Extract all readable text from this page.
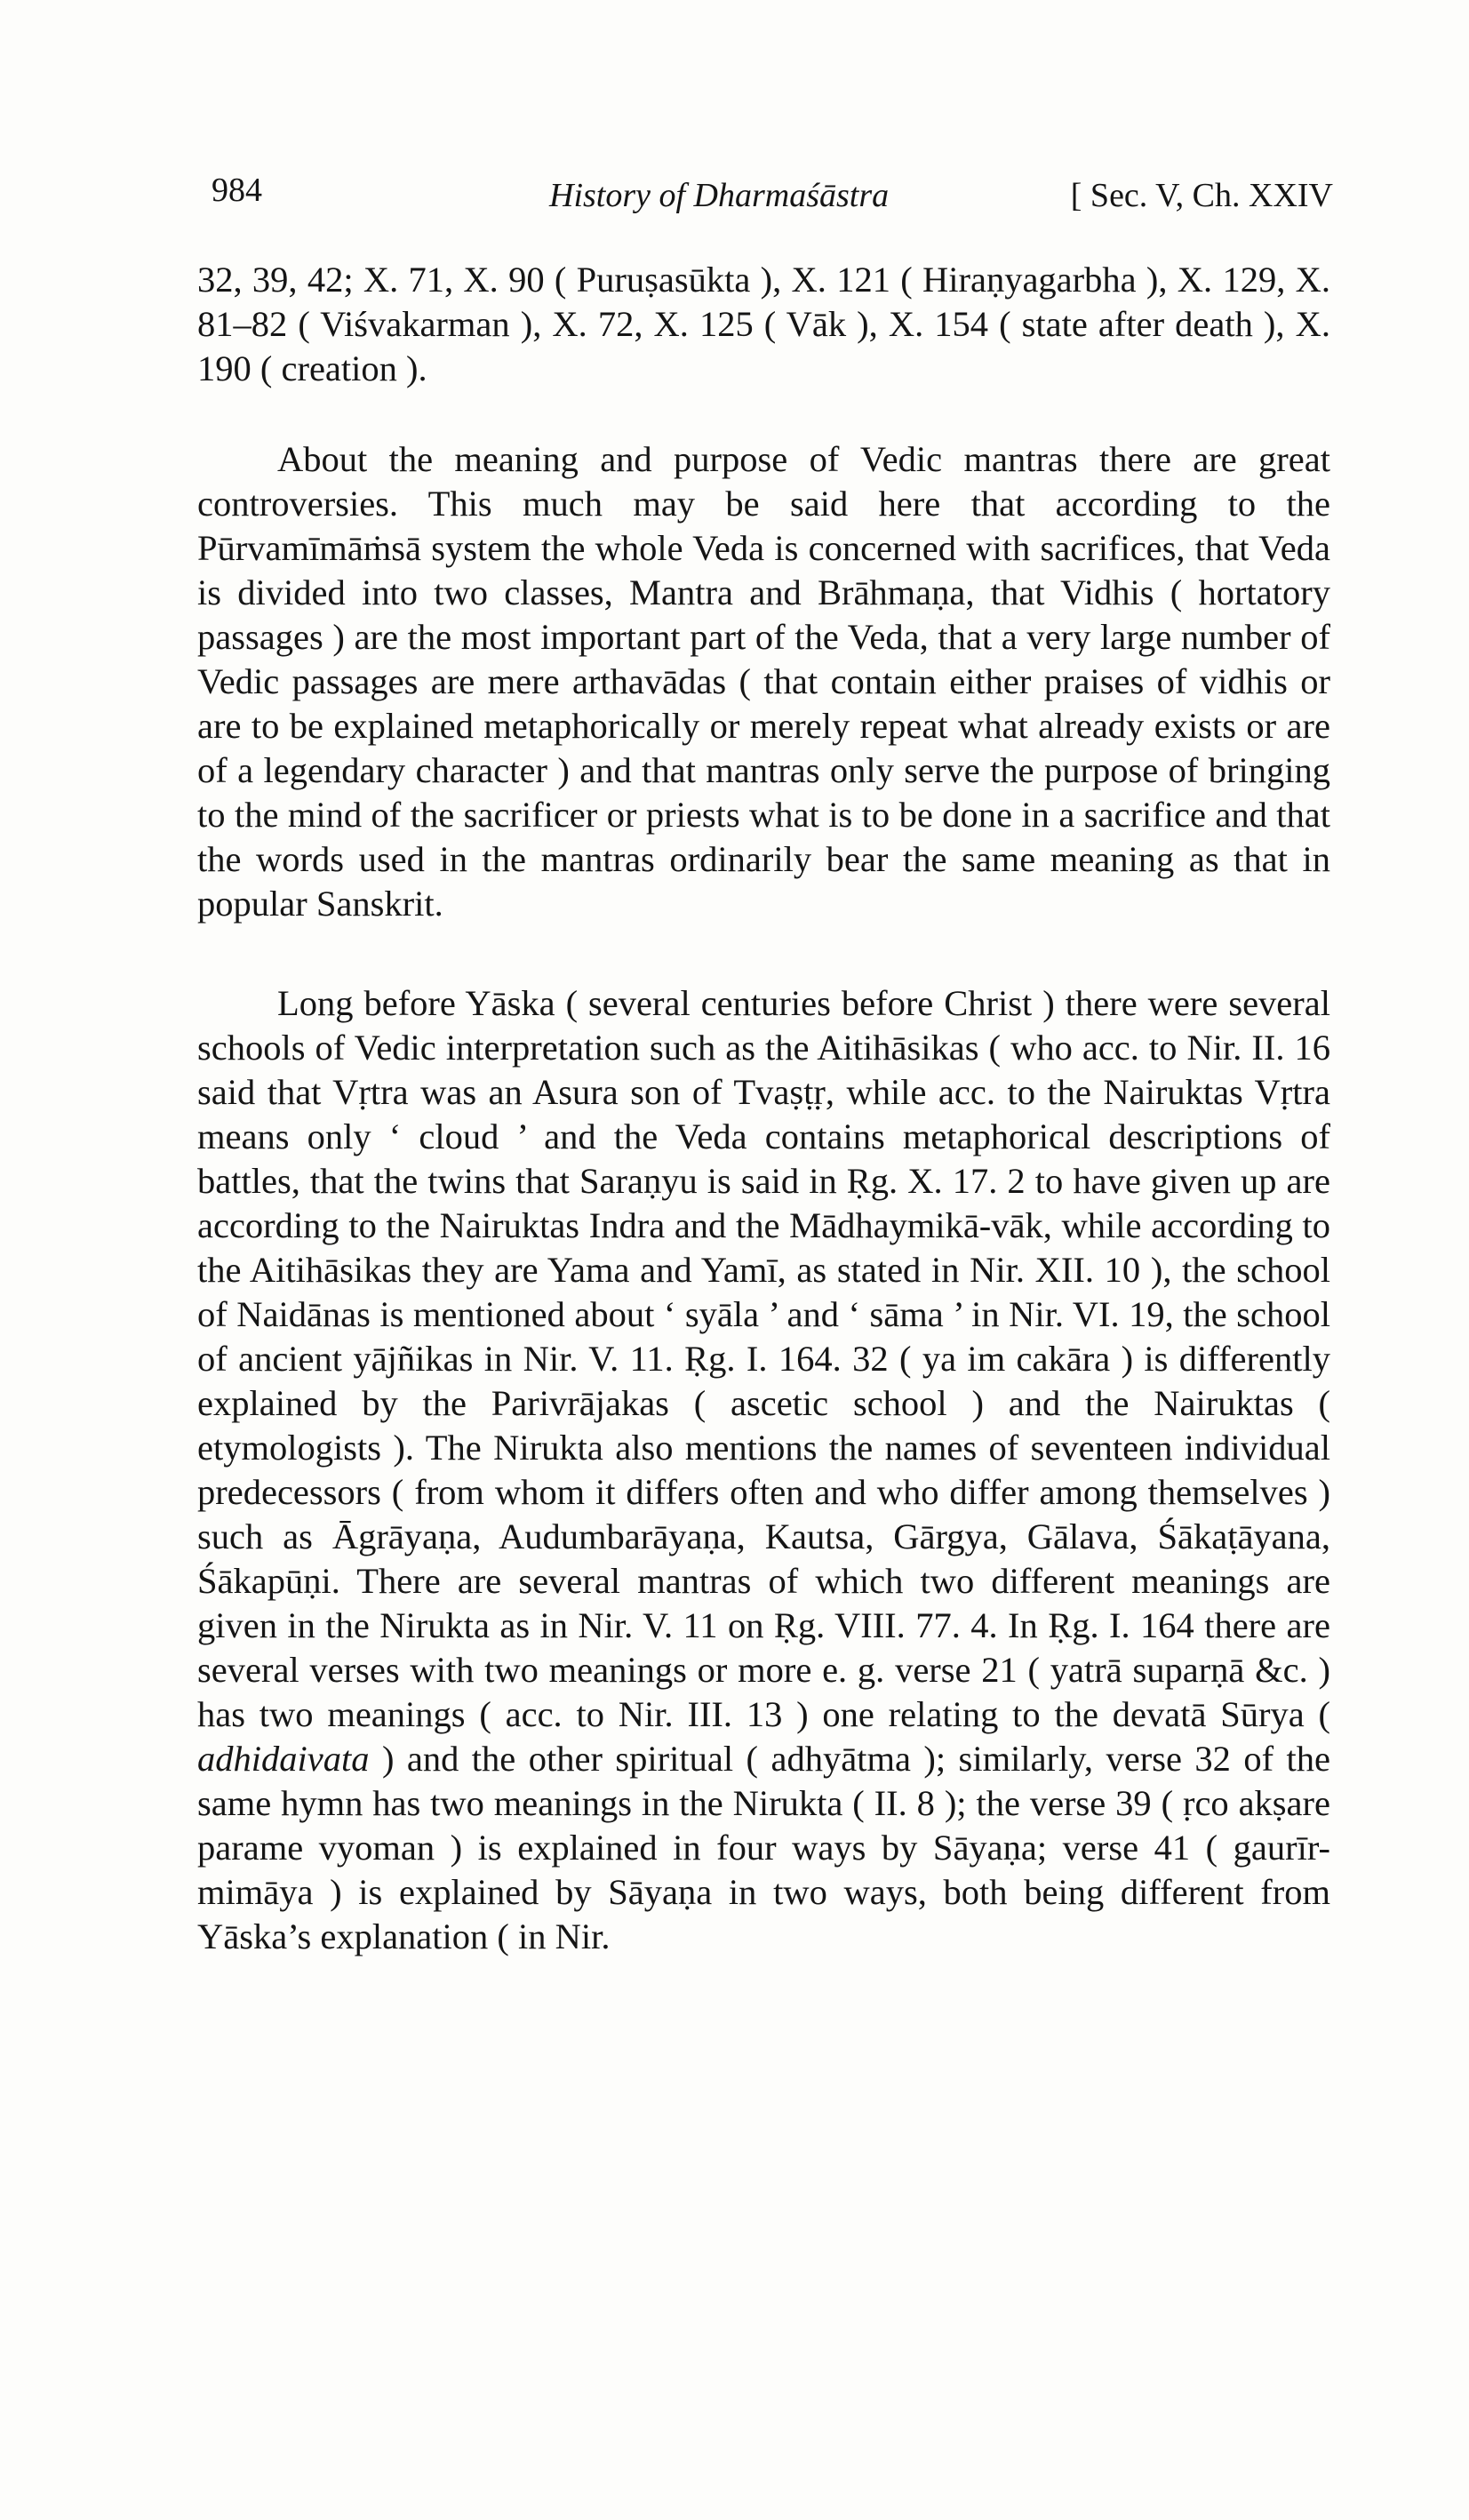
984	History of Dharmaśāstra	[ Sec. V, Ch. XXIV

32, 39, 42; X. 71, X. 90 ( Puruṣasūkta ), X. 121 ( Hiraṇyagarbha ), X. 129, X. 81–82 ( Viśvakarman ), X. 72, X. 125 ( Vāk ), X. 154 ( state after death ), X. 190 ( creation ).

About the meaning and purpose of Vedic mantras there are great controversies. This much may be said here that according to the Pūrvamīmāṁsā system the whole Veda is concerned with sacrifices, that Veda is divided into two classes, Mantra and Brāhmaṇa, that Vidhis ( hortatory passages ) are the most important part of the Veda, that a very large number of Vedic passages are mere arthavādas ( that contain either praises of vidhis or are to be explained metaphorically or merely repeat what already exists or are of a legendary character ) and that mantras only serve the purpose of bringing to the mind of the sacrificer or priests what is to be done in a sacrifice and that the words used in the mantras ordinarily bear the same meaning as that in popular Sanskrit.

Long before Yāska ( several centuries before Christ ) there were several schools of Vedic interpretation such as the Aitihāsikas ( who acc. to Nir. II. 16 said that Vṛtra was an Asura son of Tvaṣṭṛ, while acc. to the Nairuktas Vṛtra means only ‘ cloud ’ and the Veda contains metaphorical descriptions of battles, that the twins that Saraṇyu is said in Ṛg. X. 17. 2 to have given up are according to the Nairuktas Indra and the Mādhaymikā-vāk, while according to the Aitihāsikas they are Yama and Yamī, as stated in Nir. XII. 10 ), the school of Naidānas is mentioned about ‘ syāla ’ and ‘ sāma ’ in Nir. VI. 19, the school of ancient yājñikas in Nir. V. 11. Ṛg. I. 164. 32 ( ya im cakāra ) is differently explained by the Parivrājakas ( ascetic school ) and the Nairuktas ( etymologists ). The Nirukta also mentions the names of seventeen individual predecessors ( from whom it differs often and who differ among themselves ) such as Āgrāyaṇa, Audumbarāyaṇa, Kautsa, Gārgya, Gālava, Śākaṭāyana, Śākapūṇi. There are several mantras of which two different meanings are given in the Nirukta as in Nir. V. 11 on Ṛg. VIII. 77. 4. In Ṛg. I. 164 there are several verses with two meanings or more e. g. verse 21 ( yatrā suparṇā &c. ) has two meanings ( acc. to Nir. III. 13 ) one relating to the devatā Sūrya ( adhidaivata ) and the other spiritual ( adhyātma ); similarly, verse 32 of the same hymn has two meanings in the Nirukta ( II. 8 ); the verse 39 ( ṛco akṣare parame vyoman ) is explained in four ways by Sāyaṇa; verse 41 ( gaurīr-mimāya ) is explained by Sāyaṇa in two ways, both being different from Yāska’s explanation ( in Nir.
